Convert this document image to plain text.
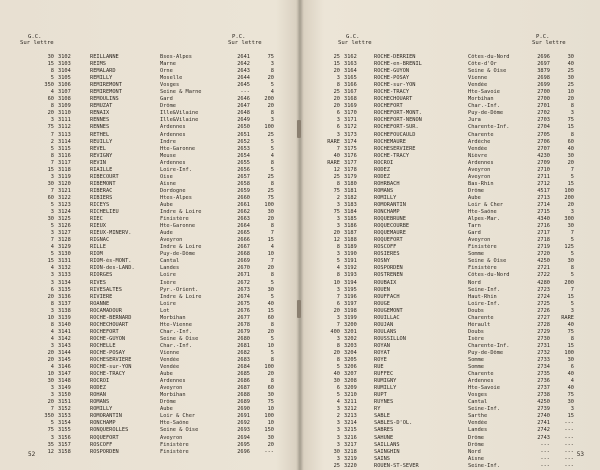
G.C.
Sur lettre
P.C.
Sur lettre
30 3102	REILLANNE	Bses-Alpes	2641	75
15 3103	REIMS	Marne	2642	3
8 3104	REMALARD	Orne	2643	8
5 3105	REMILLY	Moselle	2644	20
350 3106	REMIREMONT	Vosges	2645	5
4 3107	REMIREMONT	Seine & Marne	---	4
60 3108	REMOULINS	Gard	2646	200
8 3109	REMUZAT	Drôme	2647	20
20 3110	RENAIX	Ille&Vilaine	2648	8
3 3111	RENNES	Ille&Vilaine	2649	3
75 3112	RENNES	Ardennes	2650	100
7 3113	RETHEL	Ardennes	2651	25
2 3114	REUILLY	Indre	2652	5
5 3115	REVEL	Hte-Garonne	2653	5
8 3116	REVIGNY	Meuse	2654	4
7 3117	REVIN	Ardennes	2655	8
15 3118	RIAILLE	Loire-Inf.	2656	5
3 3119	RIBECOURT	Oise	2657	25
30 3120	RIBEMONT	Aisne	2658	8
7 3121	RIBERAC	Dordogne	2659	25
60 3122	RIBIERS	Htes-Alpes	2660	75
5 3123	RICEYS	Aube	2661	100
3 3124	RICHELIEU	Indre & Loire	2662	30
30 3125	RIEC	Finistère	2663	20
5 3126	RIEUX	Hte-Garonne	2664	8
3 3127	RIEUX-MINERV.	Aude	2665	7
7 3128	RIGNAC	Aveyron	2666	15
4 3129	RILLE	Indre & Loire	2667	4
5 3130	RIOM	Puy-de-Dôme	2668	10
15 3131	RIOM-ès-MONT.	Cantal	2669	7
4 3132	RION-des-LAND.	Landes	2670	20
3 3133	RIORGES	Loire	2671	8
3 3134	RIVES	Isère	2672	5
6 3135	RIVESALTES	Pyr.-Orient.	2673	30
20 3136	RIVIERE	Indre & Loire	2674	5
8 3137	ROANNE	Loire	2675	40
3 3138	ROCAMADOUR	Lot	2676	15
10 3139	ROCHE-BERNARD	Morbihan	2677	60
8 3140	ROCHECHOUART	Hte-Vienne	2678	8
4 3141	ROCHEFORT	Char.-Inf.	2679	20
4 3142	ROCHE-GUYON	Seine & Oise	2680	5
3 3143	ROCHELLE	Char.-Inf.	2681	10
20 3144	ROCHE-POSAY	Vienne	2682	5
20 3145	ROCHESERVIERE	Vendée	2683	8
4 3146	ROCHE-sur-YON	Vendée	2684	100
10 3147	ROCHE-TRACY	Aube	2685	20
30 3148	ROCROI	Ardennes	2686	8
3 3149	RODEZ	Aveyron	2687	60
3 3150	ROHAN	Morbihan	2688	30
20 3151	ROMANS	Drôme	2689	75
7 3152	ROMILLY	Aube	2690	10
350 3153	ROMORANTIN	Loir & Cher	2691	100
5 3154	RONCHAMP	Hte-Saône	2692	10
75 3155	RONQUEROLLES	Seine & Oise	2693	150
3 3156	ROQUEFORT	Aveyron	2694	30
35 3157	ROSCOFF	Finistère	2695	20
12 3158	ROSPORDEN	Finistère	2696	---
52
G.C.
Sur lettre
P.C.
Sur lettre
25 3162	ROCHE-DERRIEN	Côtes-du-Nord	2696	30
15 3163	ROCHE-en-BRENIL	Côte-d'Or	2697	40
20 3164	ROCHE-GUYON	Seine & Oise	3879	25
3 3165	ROCHE-POSAY	Vienne	2698	30
8 3166	ROCHE-sur-YON	Vendée	2699	25
25 3167	ROCHE-TRACY	Hte-Savoie	2700	10
20 3168	ROCHECHOUART	Morbihan	2700	20
20 3169	ROCHEFORT	Char.-Inf.	2701	8
6 3170	ROCHEFORT-MONT.	Puy-de-Dôme	2702	3
3 3171	ROCHEFORT-NENON	Jura	2703	75
6 3172	ROCHEFORT-SUR.	Charente-Inf.	2704	15
3 3173	ROCHEFOUCAULD	Charente	2705	8
RARE 3174	ROCHEMAURE	Ardèche	2706	60
7 3175	ROCHESERVIERE	Vendée	2707	40
40 3176	ROCHE-TRACY	Nièvre	4230	30
RARE 3177	ROCROI	Ardennes	2709	20
12 3178	RODEZ	Aveyron	2710	7
25 3179	RODEZ	Aveyron	2711	5
8 3180	ROHRBACH	Bas-Rhin	2712	15
75 3181	ROMANS	Drôme	4517	100
2 3182	ROMILLY	Aube	2713	200
3 3183	ROMORANTIN	Loir & Cher	2714	20
75 3184	RONCHAMP	Hte-Saône	2715	3
3 3185	ROQUEBRUNE	Alpes-Mar.	4340	300
3 3186	ROQUECOURBE	Tarn	2716	30
20 3187	ROQUEMAURE	Gard	2717	7
12 3188	ROQUEFORT	Aveyron	2718	5
8 3189	ROSCOFF	Finistère	2719	125
3 3190	ROSIERES	Somme	2720	5
5 3191	ROSNY	Seine & Oise	4250	30
4 3192	ROSPORDEN	Finistère	2721	8
8 3193	ROSTRENEN	Côtes-du-Nord	2722	5
10 3194	ROUBAIX	Nord	4280	200
3 3195	ROUEN	Seine-Inf.	2723	7
7 3196	ROUFFACH	Haut-Rhin	2724	15
6 3197	ROUGE	Loire-Inf.	2725	5
20 3198	ROUGEMONT	Doubs	2726	3
3 3199	ROUILLAC	Charente	2727	RARE
7 3200	ROUJAN	Hérault	2728	40
400 3201	ROULANS	Doubs	2729	75
3 3202	ROUSSILLON	Isère	2730	8
8 3203	ROYAN	Charente-Inf.	2731	15
20 3204	ROYAT	Puy-de-Dôme	2732	100
8 3205	ROYE	Somme	2733	30
5 3206	RUE	Somme	2734	6
40 3207	RUFFEC	Charente	2735	40
30 3208	RUMIGNY	Ardennes	2736	4
6 3209	RUMILLY	Hte-Savoie	2737	40
5 3210	RUPT	Vosges	2738	75
4 3211	RUYNES	Cantal	4250	30
3 3212	RY	Seine-Inf.	2739	3
2 3213	SABLE	Sarthe	2740	15
3 3214	SABLES-D'OL.	Vendée	2741	---
3 3215	SABRES	Landes	2742	---
3 3216	SAHUNE	Drôme	2743	---
3 3217	SAILLANS	Drôme	---	---
30 3218	SAINGHIN	Nord	---	---
3 3219	SAINS	Aisne	---	---
25 3220	ROUEN-ST-SEVER	Seine-Inf.	---	---
53
